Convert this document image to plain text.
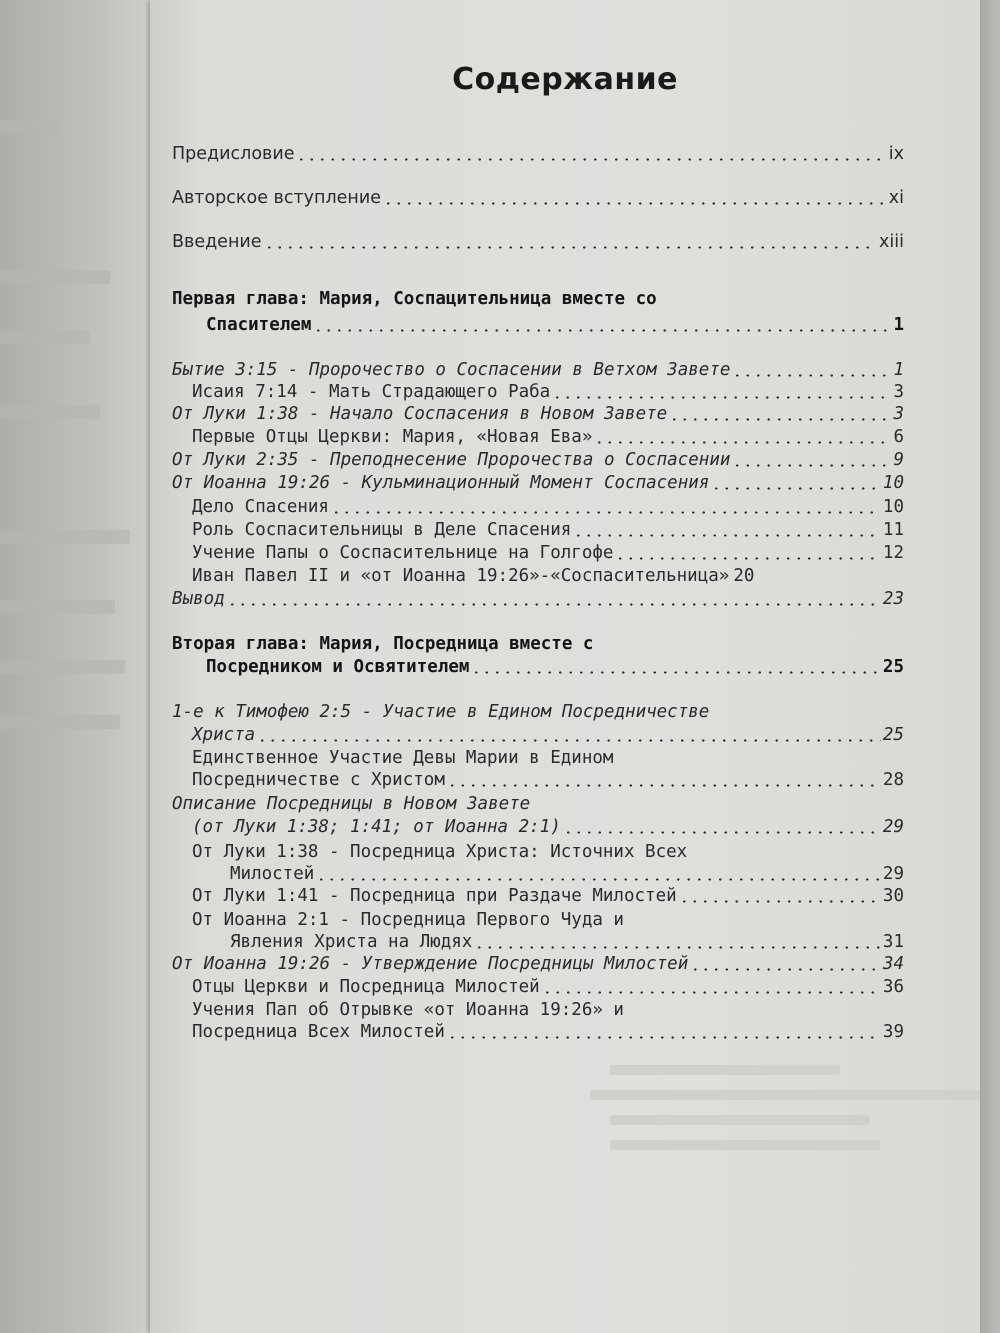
Содержание
Предисловие	ix
Авторское вступление	xi
Введение	xiii
Первая глава: Мария, Соспацительница вместе со
Спасителем	1
Бытие 3:15 - Пророчество о Соспасении в Ветхом Завете	1
Исаия 7:14 - Мать Страдающего Раба	3
От Луки 1:38 - Начало Соспасения в Новом Завете	3
Первые Отцы Церкви: Мария, «Новая Ева»	6
От Луки 2:35 - Преподнесение Пророчества о Соспасении	9
От Иоанна 19:26 - Кульминационный Момент Соспасения	10
Дело Спасения	10
Роль Соспасительницы в Деле Спасения	11
Учение Папы о Соспасительнице на Голгофе	12
Иван Павел II и «от Иоанна 19:26»-«Соспасительница» 20
Вывод	23
Вторая глава: Мария, Посредница вместе с
Посредником и Освятителем	25
1-е к Тимофею 2:5 - Участие в Едином Посредничестве
Христа	25
Единственное Участие Девы Марии в Едином
Посредничестве с Христом	28
Описание Посредницы в Новом Завете
(от Луки 1:38; 1:41; от Иоанна 2:1)	29
От Луки 1:38 - Посредница Христа: Источних Всех
Милостей	29
От Луки 1:41 - Посредница при Раздаче Милостей	30
От Иоанна 2:1 - Посредница Первого Чуда и
Явления Христа на Людях	31
От Иоанна 19:26 - Утверждение Посредницы Милостей	34
Отцы Церкви и Посредница Милостей	36
Учения Пап об Отрывке «от Иоанна 19:26» и
Посредница Всех Милостей	39
